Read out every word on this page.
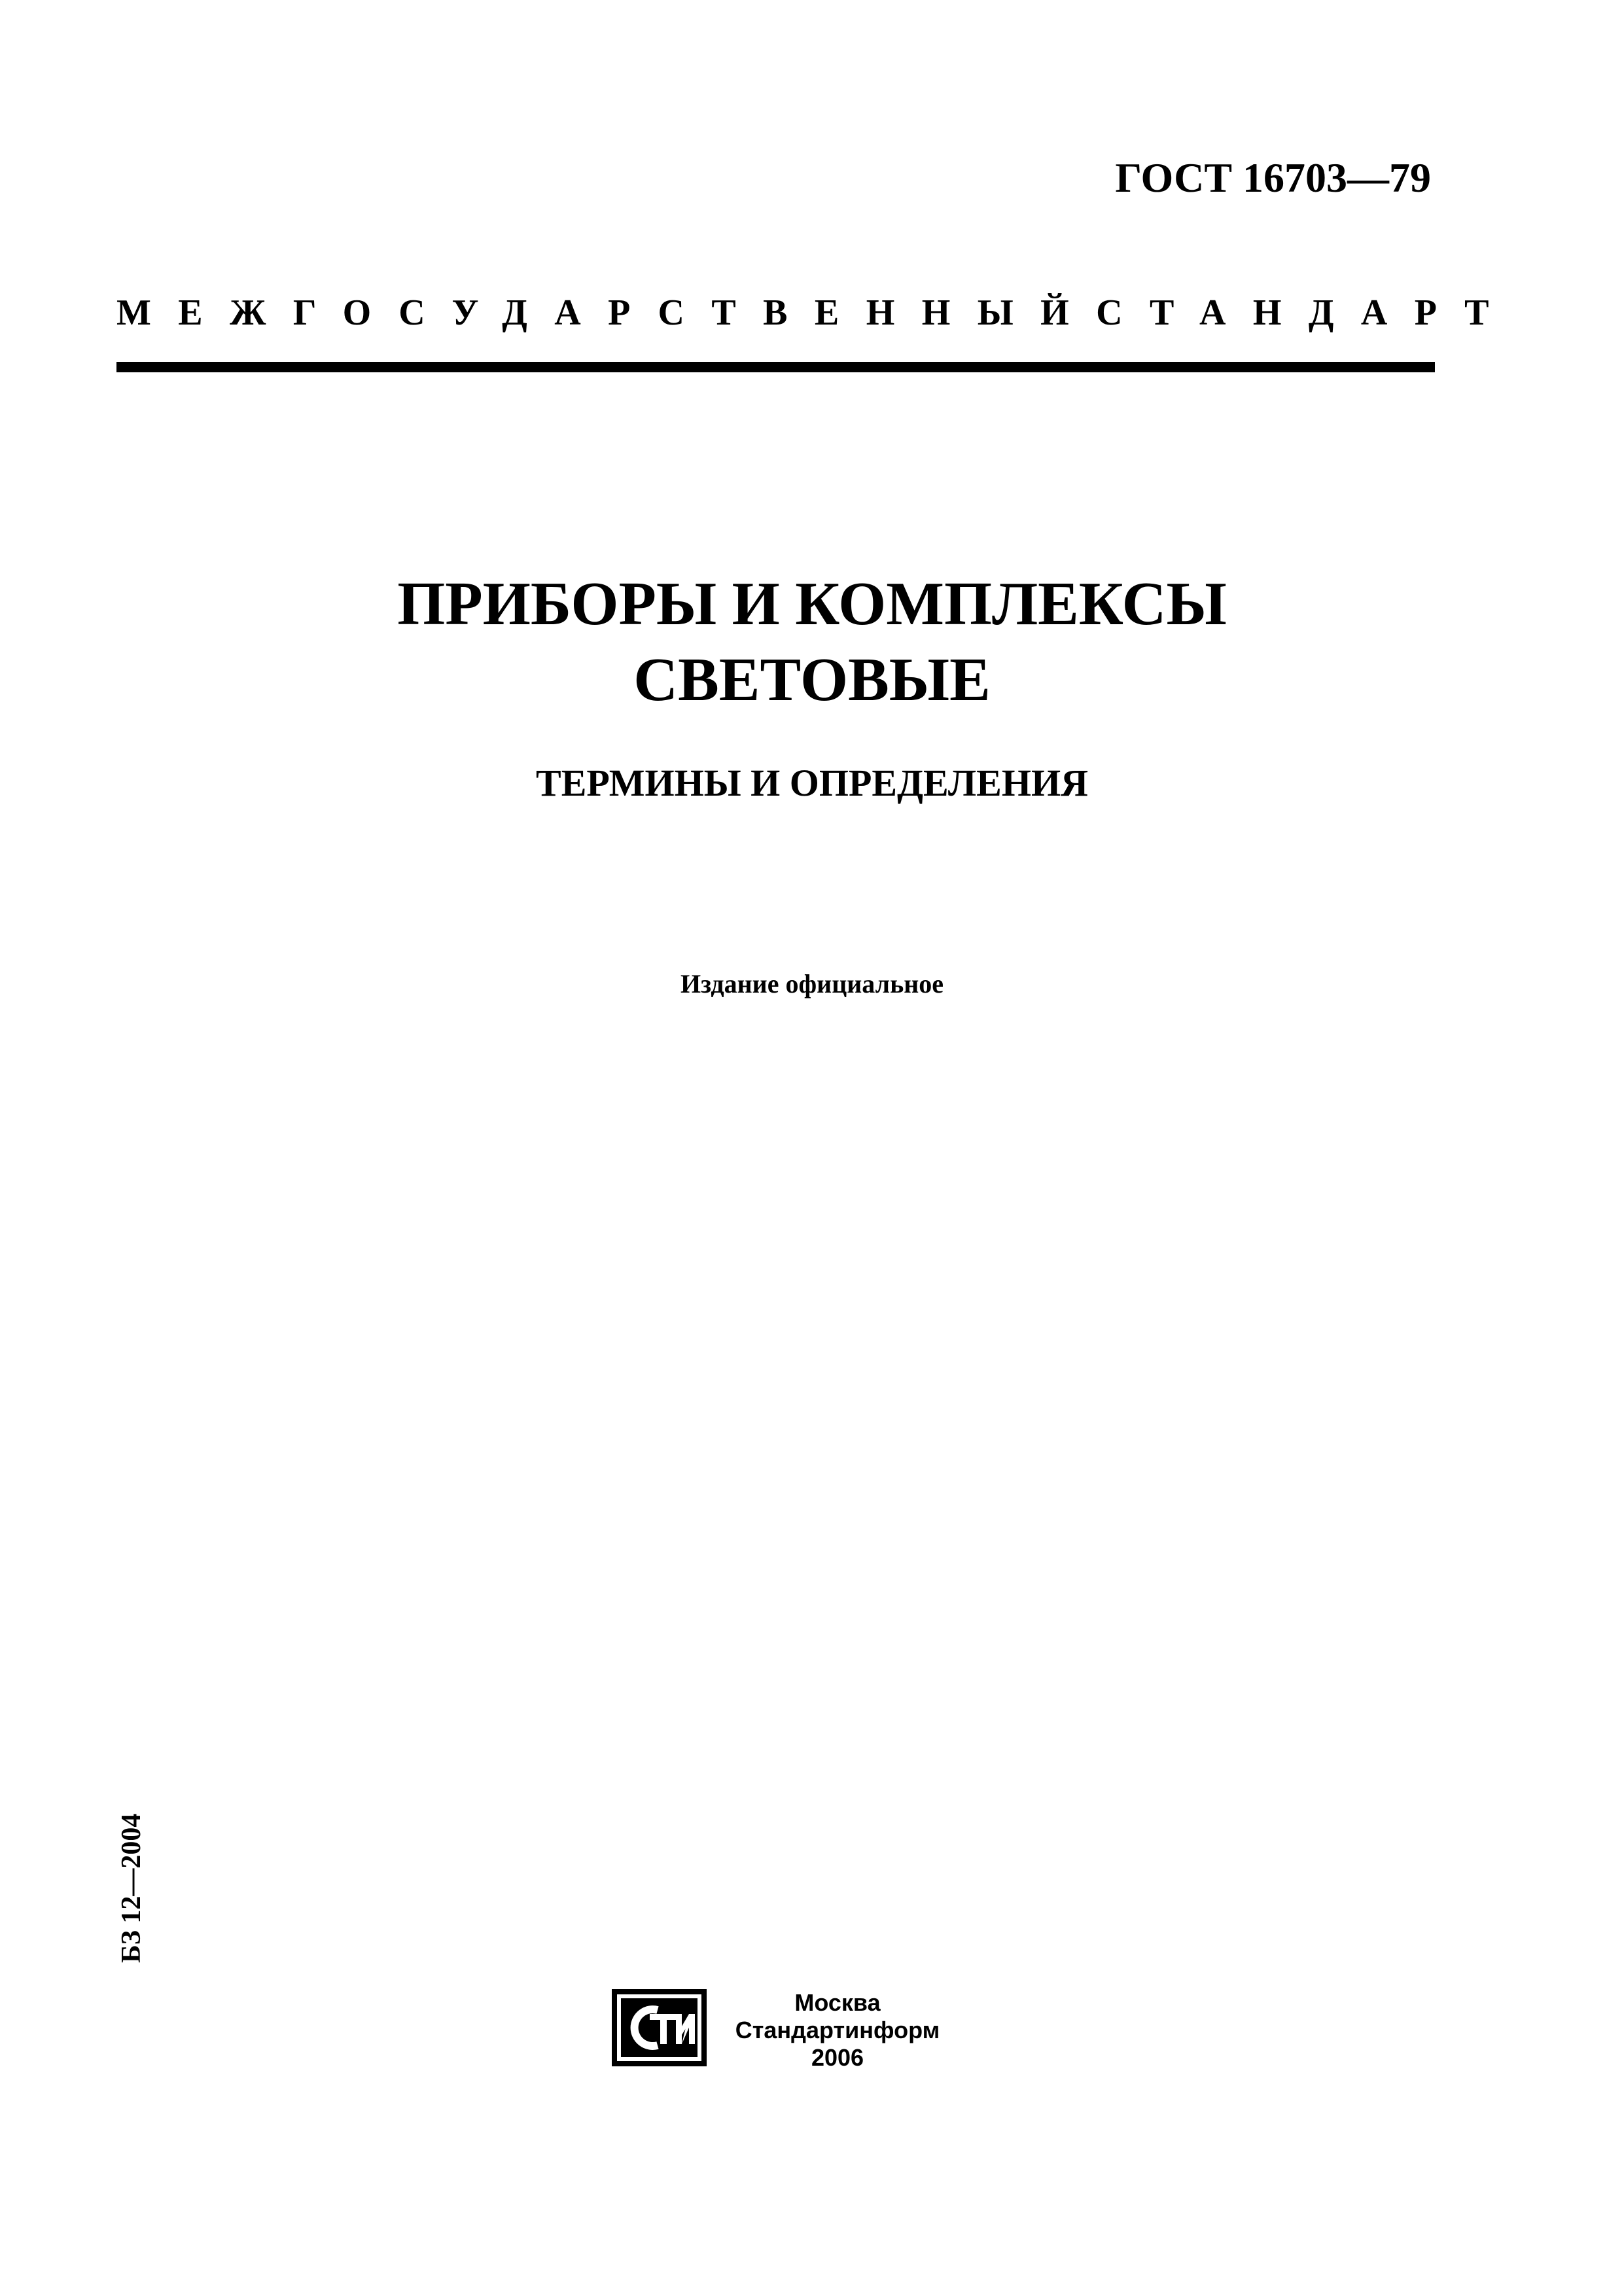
ГОСТ 16703—79
МЕЖГОСУДАРСТВЕННЫЙ СТАНДАРТ
ПРИБОРЫ И КОМПЛЕКСЫ
СВЕТОВЫЕ
ТЕРМИНЫ И ОПРЕДЕЛЕНИЯ
Издание официальное
БЗ 12—2004
Москва
Стандартинформ
2006
